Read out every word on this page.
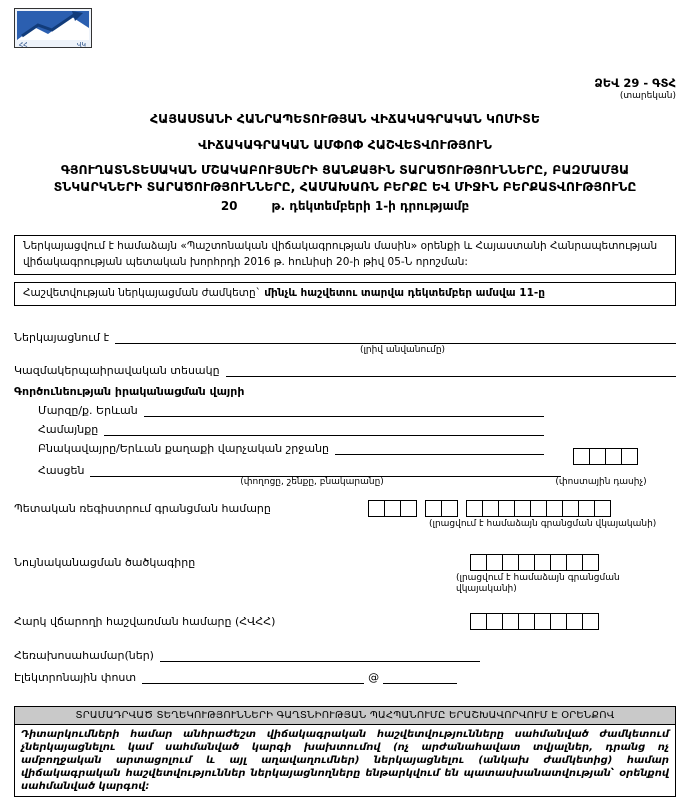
ՀՀ	ՎԿ
ՁԵՎ 29 - ԳՏՀ
(տարեկան)
ՀԱՅԱՍՏԱՆԻ ՀԱՆՐԱՊԵՏՈՒԹՅԱՆ ՎԻՃԱԿԱԳՐԱԿԱՆ ԿՈՄԻՏԵ
ՎԻՃԱԿԱԳՐԱԿԱՆ ԱՄՓՈՓ ՀԱՇՎԵՏՎՈՒԹՅՈՒՆ
ԳՅՈՒՂԱՏՆՏԵՍԱԿԱՆ ՄՇԱԿԱԲՈՒՅՍԵՐԻ ՑԱՆՔԱՅԻՆ ՏԱՐԱԾՈՒԹՅՈՒՆՆԵՐԸ, ԲԱԶՄԱՄՅԱ ՏՆԿԱՐԿՆԵՐԻ ՏԱՐԱԾՈՒԹՅՈՒՆՆԵՐԸ, ՀԱՄԱԽԱՌՆ ԲԵՐՔԸ ԵՎ ՄԻՋԻՆ ԲԵՐՔԱՏՎՈՒԹՅՈՒՆԸ
20	թ. դեկտեմբերի 1-ի դրությամբ
Ներկայացվում է համաձայն «Պաշտոնական վիճակագրության մասին» օրենքի և Հայաստանի Հանրապետության վիճակագրության պետական խորհրդի 2016 թ. հունիսի 20-ի թիվ 05-Ն որոշման:
Հաշվետվության ներկայացման ժամկետը` մինչև հաշվետու տարվա դեկտեմբեր ամսվա 11-ը
Ներկայացնում է
(լրիվ անվանումը)
Կազմակերպաիրավական տեսակը
Գործունեության իրականացման վայրի
Մարզը/ք. Երևան
Համայնքը
Բնակավայրը/Երևան քաղաքի վարչական շրջանը
Հասցեն
(փողոցը, շենքը, բնակարանը)	(փոստային դասիչ)
Պետական ռեգիստրում գրանցման համարը
(լրացվում է համաձայն գրանցման վկայականի)
Նույնականացման ծածկագիրը
(լրացվում է համաձայն գրանցման վկայականի)
Հարկ վճարողի հաշվառման համարը (ՀՎՀՀ)
Հեռախոսահամար(ներ)
Էլեկտրոնային փոստ	@
ՏՐԱՄԱԴՐՎԱԾ ՏԵՂԵԿՈՒԹՅՈՒՆՆԵՐԻ ԳԱՂՏՆԻՈՒԹՅԱՆ ՊԱՀՊԱՆՈՒՄԸ ԵՐԱՇԽԱՎՈՐՎՈՒՄ Է ՕՐԵՆՔՈՎ
Դիտարկումների համար անհրաժեշտ վիճակագրական հաշվետվությունները սահմանված ժամկետում չներկայացնելու կամ սահմանված կարգի խախտումով (ոչ արժանահավատ տվյալներ, դրանց ոչ ամբողջական արտացոլում և այլ աղավաղումներ) ներկայացնելու (անկախ ժամկետից) համար վիճակագրական հաշվետվություններ ներկայացնողները ենթարկվում են պատասխանատվության՝ օրենքով սահմանված կարգով:
